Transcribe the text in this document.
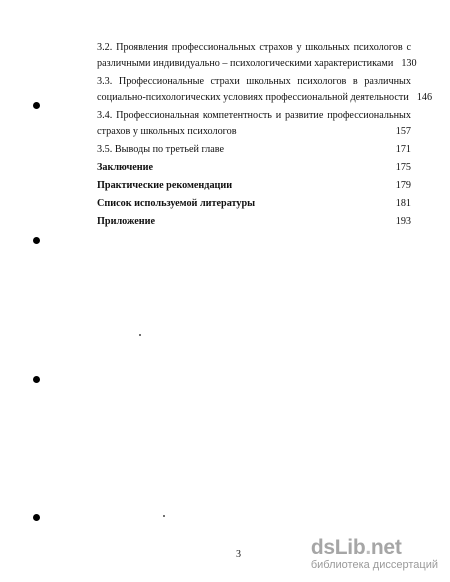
3.2. Проявления профессиональных страхов у школьных психологов с
различными индивидуально – психологическими характеристиками 130
3.3. Профессиональные страхи школьных психологов в различных
социально-психологических условиях профессиональной деятельности 146
3.4. Профессиональная компетентность и развитие профессиональных
страхов у школьных психологов	157
3.5. Выводы по третьей главе	171
Заключение	175
Практические рекомендации	179
Список используемой литературы	181
Приложение	193
3	dsLib.net
библиотека диссертаций
